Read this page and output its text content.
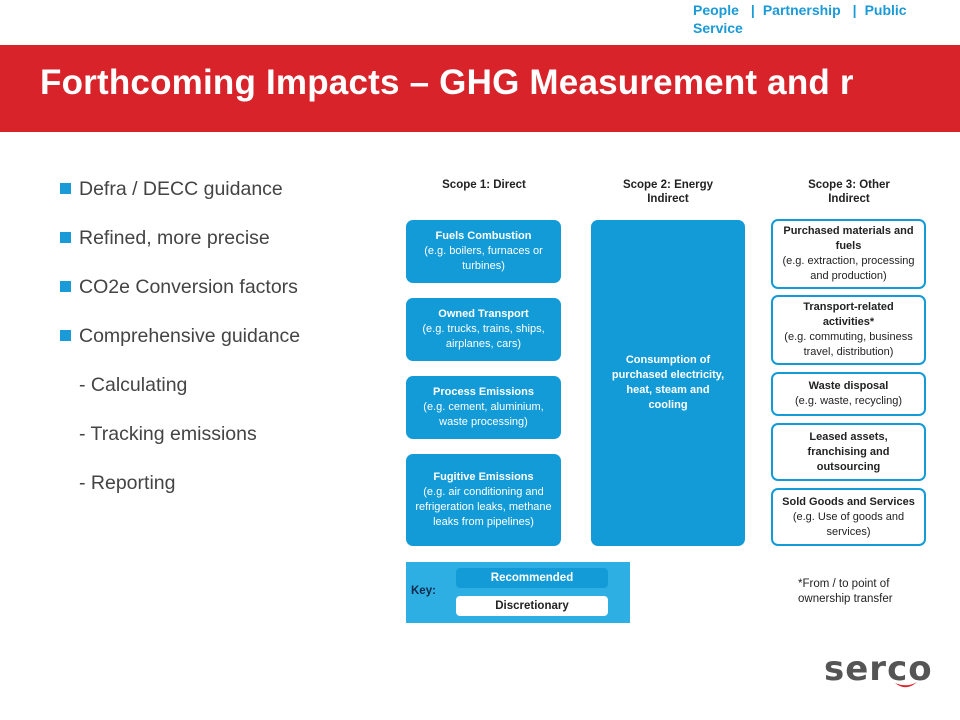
People | Partnership | Public Service
Forthcoming Impacts – GHG Measurement and r
Defra / DECC guidance
Refined, more precise
CO2e Conversion factors
Comprehensive guidance
- Calculating
- Tracking emissions
- Reporting
Scope 1: Direct	Scope 2: Energy Indirect
Scope 3: Other Indirect
Fuels Combustion
(e.g. boilers, furnaces or turbines)
Owned Transport
(e.g. trucks, trains, ships, airplanes, cars)
Process Emissions
(e.g. cement, aluminium, waste processing)
Fugitive Emissions
(e.g. air conditioning and refrigeration leaks, methane leaks from pipelines)
Consumption of purchased electricity, heat, steam and cooling
Purchased materials and fuels
(e.g. extraction, processing and production)
Transport-related activities*
(e.g. commuting, business travel, distribution)
Waste disposal
(e.g. waste, recycling)
Leased assets, franchising and outsourcing
Sold Goods and Services (e.g. Use of goods and services)
Key:
Recommended
Discretionary
*From / to point of ownership transfer
serco
